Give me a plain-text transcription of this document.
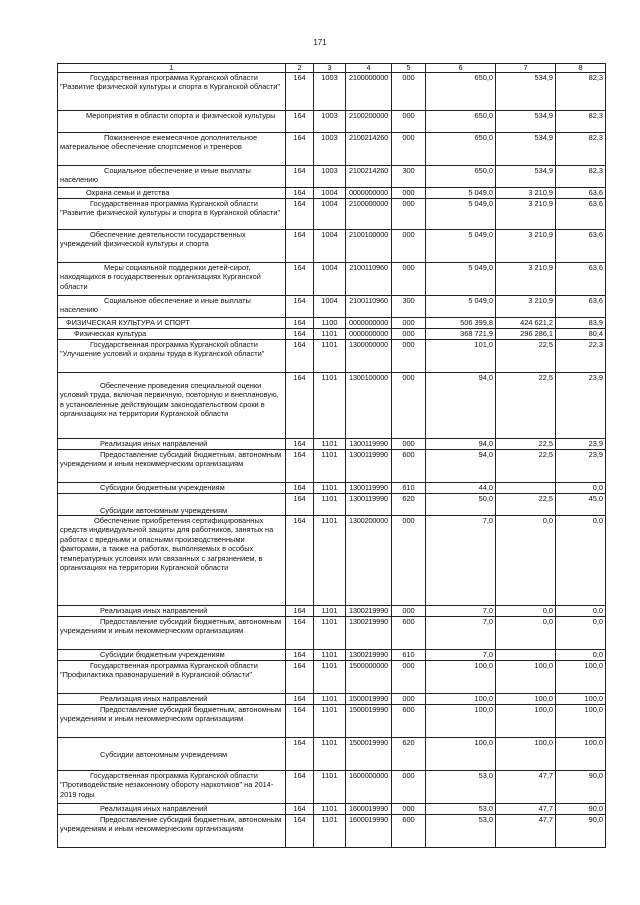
171
1	2	3	4	5	6	7	8
Государственная программа Курганской области "Развитие физической культуры и спорта в Курганской области"	164	1003	2100000000	000	650,0	534,9	82,3
Мероприятия в области спорта и физической культуры	164	1003	2100200000	000	650,0	534,9	82,3
Пожизненное ежемесячное дополнительное материальное обеспечение спортсменов и тренеров	164	1003	2100214260	000	650,0	534,9	82,3
Социальное обеспечение и иные выплаты населению	164	1003	2100214260	300	650,0	534,9	82,3
Охрана семьи и детства	164	1004	0000000000	000	5 049,0	3 210,9	63,6
Государственная программа Курганской области "Развитие физической культуры и спорта в Курганской области"	164	1004	2100000000	000	5 049,0	3 210,9	63,6
Обеспечение деятельности государственных учреждений физической культуры и спорта	164	1004	2100100000	000	5 049,0	3 210,9	63,6
Меры социальной поддержки детей-сирот, находящихся в государственных организациях Курганской области	164	1004	2100110960	000	5 049,0	3 210,9	63,6
Социальное обеспечение и иные выплаты населению	164	1004	2100110960	300	5 049,0	3 210,9	63,6
ФИЗИЧЕСКАЯ КУЛЬТУРА И СПОРТ	164	1100	0000000000	000	506 399,8	424 621,2	83,9
Физическая культура	164	1101	0000000000	000	368 721,9	296 286,1	80,4
Государственная программа Курганской области "Улучшение условий и охраны труда в Курганской области"	164	1101	1300000000	000	101,0	22,5	22,3
Обеспечение проведения специальной оценки условий труда, включая первичную, повторную и внеплановую, в установленные действующим законодательством сроки в организациях на территории Курганской области	164	1101	1300100000	000	94,0	22,5	23,9
Реализация иных направлений	164	1101	1300119990	000	94,0	22,5	23,9
Предоставление субсидий бюджетным, автономным учреждениям и иным некоммерческим организациям	164	1101	1300119990	600	94,0	22,5	23,9
Субсидии бюджетным учреждениям	164	1101	1300119990	610	44,0		0,0
Субсидии автономным учреждениям	164	1101	1300119990	620	50,0	22,5	45,0
Обеспечение приобретения сертифицированных средств индивидуальной защиты для работников, занятых на работах с вредными и опасными производственными факторами, а также на работах, выполняемых в особых температурных условиях или связанных с загрязнением, в организациях на территории Курганской области	164	1101	1300200000	000	7,0	0,0	0,0
Реализация иных направлений	164	1101	1300219990	000	7,0	0,0	0,0
Предоставление субсидий бюджетным, автономным учреждениям и иным некоммерческим организациям	164	1101	1300219990	600	7,0	0,0	0,0
Субсидии бюджетным учреждениям	164	1101	1300219990	610	7,0		0,0
Государственная программа Курганской области "Профилактика правонарушений в Курганской области"	164	1101	1500000000	000	100,0	100,0	100,0
Реализация иных направлений	164	1101	1500019990	000	100,0	100,0	100,0
Предоставление субсидий бюджетным, автономным учреждениям и иным некоммерческим организациям	164	1101	1500019990	600	100,0	100,0	100,0
Субсидии автономным учреждениям	164	1101	1500019990	620	100,0	100,0	100,0
Государственная программа Курганской области "Противодействие незаконному обороту наркотиков" на 2014-2019 годы	164	1101	1600000000	000	53,0	47,7	90,0
Реализация иных направлений	164	1101	1600019990	000	53,0	47,7	90,0
Предоставление субсидий бюджетным, автономным учреждениям и иным некоммерческим организациям	164	1101	1600019990	600	53,0	47,7	90,0
